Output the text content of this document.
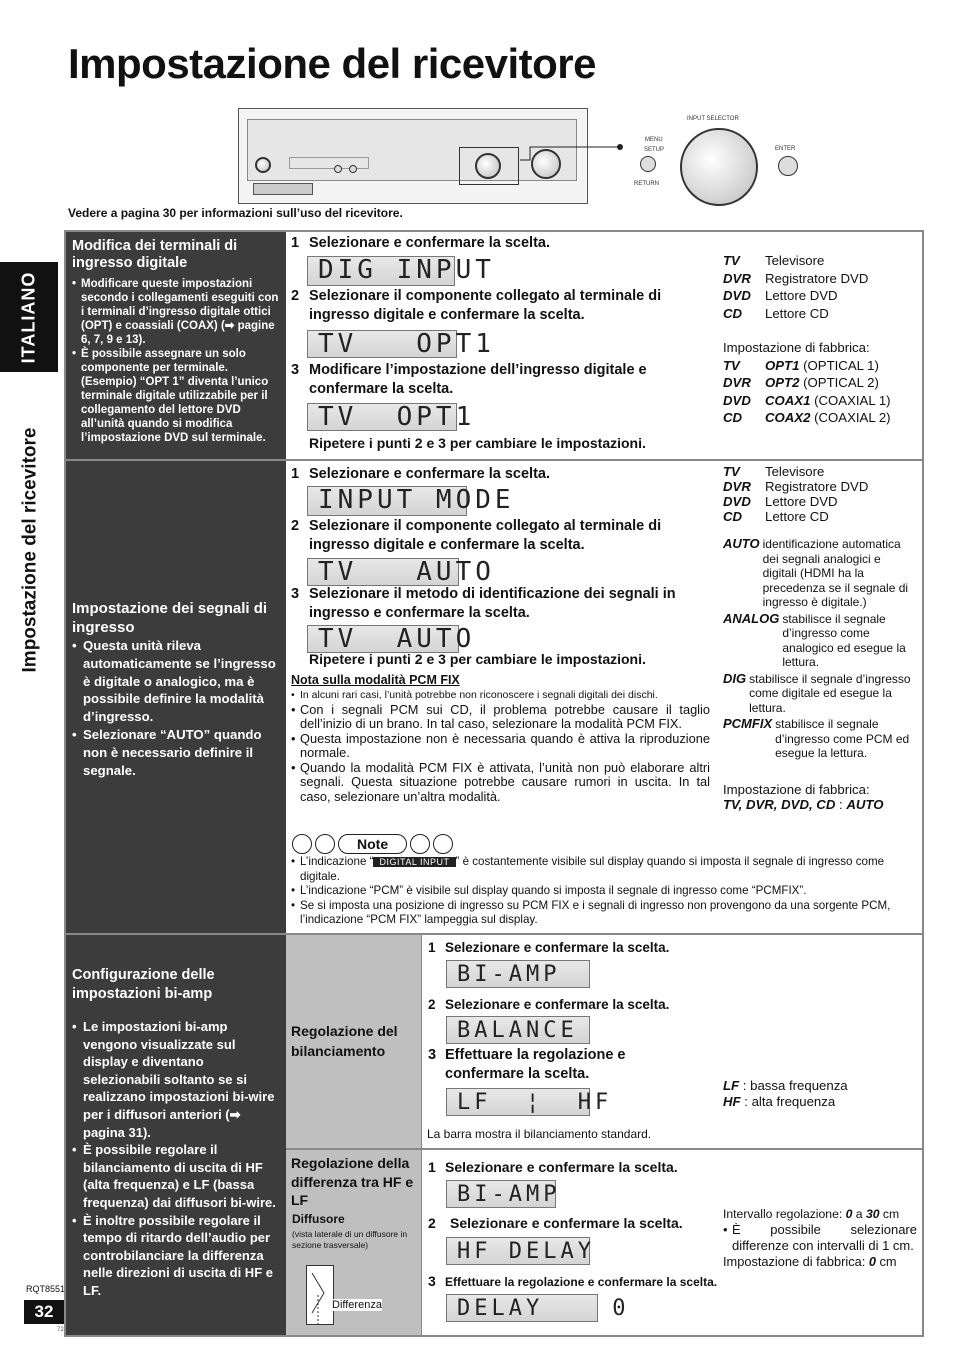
Impostazione del ricevitore
ITALIANO
Impostazione del ricevitore
RQT8551
32
72
INPUT SELECTOR
MENU
SETUP
RETURN
ENTER
Vedere a pagina 30 per informazioni sull’uso del ricevitore.
Modifica dei terminali di ingresso digitale
• Modificare queste impostazioni secondo i collegamenti eseguiti con i terminali d’ingresso digitale ottici (OPT) e coassiali (COAX) (➡ pagine 6, 7, 9 e 13).
• È possibile assegnare un solo componente per terminale. (Esempio) “OPT 1” diventa l’unico terminale digitale utilizzabile per il collegamento del lettore DVD all’unità quando si modifica l’impostazione DVD sul terminale.
1 Selezionare e confermare la scelta.
DIG INPUT
2 Selezionare il componente collegato al terminale di ingresso digitale e confermare la scelta.
TV   OPT1
3 Modificare l’impostazione dell’ingresso digitale e confermare la scelta.
TV  OPT1
Ripetere i punti 2 e 3 per cambiare le impostazioni.
TV Televisore
DVR Registratore DVD
DVD Lettore DVD
CD Lettore CD
Impostazione di fabbrica:
TV OPT1 (OPTICAL 1)
DVR OPT2 (OPTICAL 2)
DVD COAX1 (COAXIAL 1)
CD COAX2 (COAXIAL 2)
Impostazione dei segnali di ingresso
• Questa unità rileva automaticamente se l’ingresso è digitale o analogico, ma è possibile definire la modalità d’ingresso.
• Selezionare “AUTO” quando non è necessario definire il segnale.
1 Selezionare e confermare la scelta.
INPUT MODE
2 Selezionare il componente collegato al terminale di ingresso digitale e confermare la scelta.
TV   AUTO
3 Selezionare il metodo di identificazione dei segnali in ingresso e confermare la scelta.
TV  AUTO
Ripetere i punti 2 e 3 per cambiare le impostazioni.
Nota sulla modalità PCM FIX
• In alcuni rari casi, l’unità potrebbe non riconoscere i segnali digitali dei dischi.
• Con i segnali PCM sui CD, il problema potrebbe causare il taglio dell’inizio di un brano. In tal caso, selezionare la modalità PCM FIX.
• Questa impostazione non è necessaria quando è attiva la riproduzione normale.
• Quando la modalità PCM FIX è attivata, l’unità non può elaborare altri segnali. Questa situazione potrebbe causare rumori in uscita. In tal caso, selezionare un’altra modalità.
TV Televisore
DVR Registratore DVD
DVD Lettore DVD
CD Lettore CD
AUTO identificazione automatica dei segnali analogici e digitali (HDMI ha la precedenza se il segnale di ingresso è digitale.)
ANALOG stabilisce il segnale d’ingresso come analogico ed esegue la lettura.
DIG stabilisce il segnale d’ingresso come digitale ed esegue la lettura.
PCMFIX stabilisce il segnale d’ingresso come PCM ed esegue la lettura.
Impostazione di fabbrica:
TV, DVR, DVD, CD : AUTO
Note
• L’indicazione “ DIGITAL INPUT ” è costantemente visibile sul display quando si imposta il segnale di ingresso come digitale.
• L’indicazione “PCM” è visibile sul display quando si imposta il segnale di ingresso come “PCMFIX”.
• Se si imposta una posizione di ingresso su PCM FIX e i segnali di ingresso non provengono da una sorgente PCM, l’indicazione “PCM FIX” lampeggia sul display.
Configurazione delle impostazioni bi-amp
• Le impostazioni bi-amp vengono visualizzate sul display e diventano selezionabili soltanto se si realizzano impostazioni bi-wire per i diffusori anteriori (➡ pagina 31).
• È possibile regolare il bilanciamento di uscita di HF (alta frequenza) e LF (bassa frequenza) dai diffusori bi-wire.
• È inoltre possibile regolare il tempo di ritardo dell’audio per controbilanciare la differenza nelle direzioni di uscita di HF e LF.
Regolazione del bilanciamento
1 Selezionare e confermare la scelta.
BI-AMP
2 Selezionare e confermare la scelta.
BALANCE
3 Effettuare la regolazione e confermare la scelta.
LF  ¦  HF
La barra mostra il bilanciamento standard.
LF : bassa frequenza
HF : alta frequenza
Regolazione della differenza tra HF e LF
Diffusore
(vista laterale di un diffusore in sezione trasversale)
Differenza
1 Selezionare e confermare la scelta.
BI-AMP
2 Selezionare e confermare la scelta.
HF DELAY
3 Effettuare la regolazione e confermare la scelta.
DELAY    0
Intervallo regolazione: 0 a 30 cm
• È possibile selezionare differenze con intervalli di 1 cm.
Impostazione di fabbrica: 0 cm
